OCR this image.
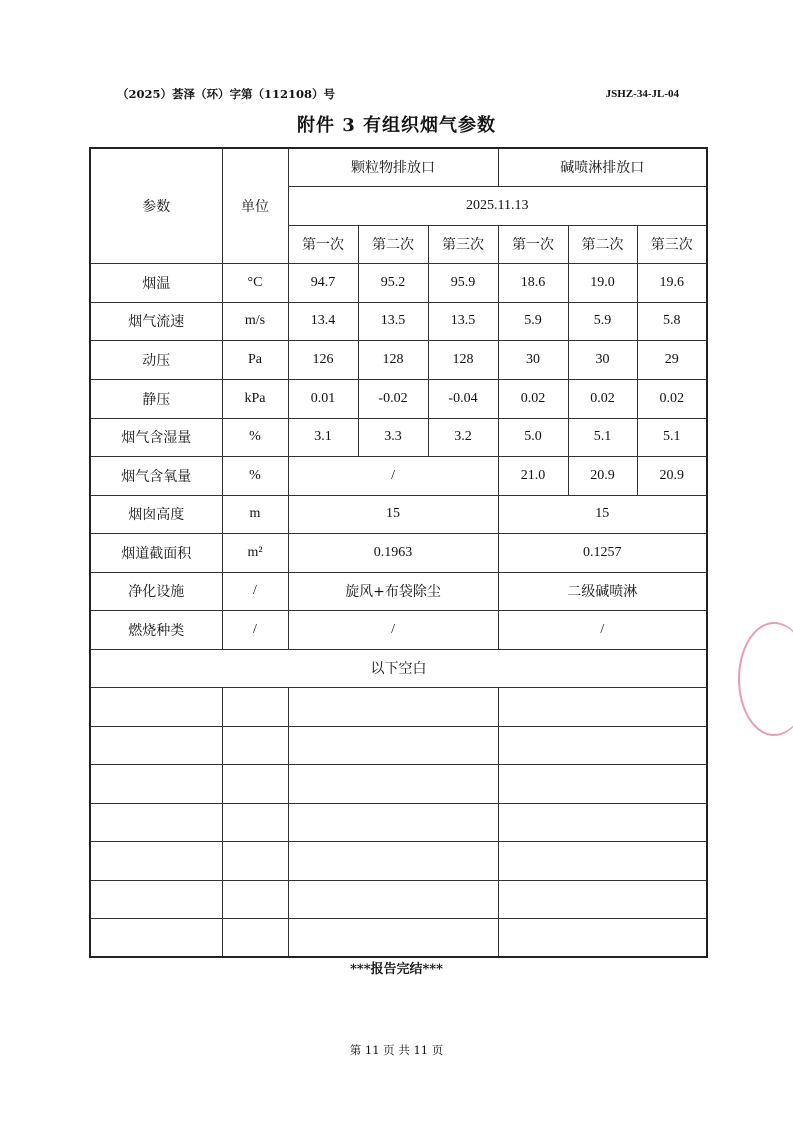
（2025）荟泽（环）字第（112108）号	JSHZ-34-JL-04
附件 3 有组织烟气参数
参数	单位	颗粒物排放口			碱喷淋排放口		
		2025.11.13					
		第一次	第二次	第三次	第一次	第二次	第三次
烟温	°C	94.7	95.2	95.9	18.6	19.0	19.6
烟气流速	m/s	13.4	13.5	13.5	5.9	5.9	5.8
动压	Pa	126	128	128	30	30	29
静压	kPa	0.01	-0.02	-0.04	0.02	0.02	0.02
烟气含湿量	%	3.1	3.3	3.2	5.0	5.1	5.1
烟气含氧量	%	/			21.0	20.9	20.9
烟囱高度	m	15			15		
烟道截面积	m²	0.1963			0.1257		
净化设施	/	旋风+布袋除尘			二级碱喷淋		
燃烧种类	/	/			/		
以下空白							

***报告完结***
第 11 页 共 11 页
